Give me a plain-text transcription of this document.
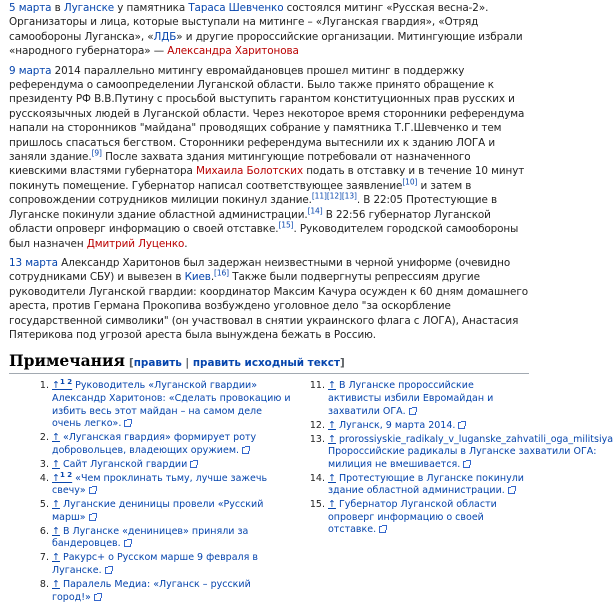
5 марта в Луганске у памятника Тараса Шевченко состоялся митинг «Русская весна-2». Организаторы и лица, которые выступали на митинге – «Луганская гвардия», «Отряд самообороны Луганска», «ЛДБ» и другие пророссийские организации. Митингующие избрали «народного губернатора» — Александра Харитонова

9 марта 2014 параллельно митингу евромайдановцев прошел митинг в поддержку референдума о самоопределении Луганской области. Было также принято обращение к президенту РФ В.В.Путину с просьбой выступить гарантом конституционных прав русских и русскоязычных людей в Луганской области. Через некоторое время сторонники референдума напали на сторонников "майдана" проводящих собрание у памятника Т.Г.Шевченко и тем пришлось спасаться бегством. Сторонники референдума вытеснили их к зданию ЛОГА и заняли здание.[9] После захвата здания митингующие потребовали от назначенного киевскими властями губернатора Михаила Болотских подать в отставку и в течение 10 минут покинуть помещение. Губернатор написал соответствующее заявление[10] и затем в сопровождении сотрудников милиции покинул здание.[11][12][13]. В 22:05 Протестующие в Луганске покинули здание областной администрации.[14] В 22:56 губернатор Луганской области опроверг информацию о своей отставке.[15]. Руководителем городской самообороны был назначен Дмитрий Луценко.

13 марта Александр Харитонов был задержан неизвестными в черной униформе (очевидно сотрудниками СБУ) и вывезен в Киев.[16] Также были подвергнуты репрессиям другие руководители Луганской гвардии: координатор Максим Качура осужден к 60 дням домашнего ареста, против Германа Прокопива возбуждено уголовное дело "за оскорбление государственной символики" (он участвовал в снятии украинского флага с ЛОГА), Анастасия Пятерикова под угрозой ареста была вынуждена бежать в Россию.

Примечания [править | править исходный текст]
1. ↑$^{1 2}$ Руководитель «Луганской гвардии» Александр Харитонов: «Сделать провокацию и избить весь этот майдан – на самом деле очень легко».
2. ↑ «Луганская гвардия» формирует роту добровольцев, владеющих оружием.
3. ↑ Сайт Луганской гвардии
4. ↑$^{1 2}$ «Чем проклинать тьму, лучше зажечь свечу»
5. ↑ Луганские дениницы провели «Русский марш»
6. ↑ В Луганске «дениницев» приняли за бандеровцев.
7. ↑ Ракурс+ о Русском марше 9 февраля в Луганске.
8. ↑ Паралель Медиа: «Луганск – русский город!»
11. ↑ В Луганске пророссийские активисты избили Евромайдан и захватили ОГА.
12. ↑ Луганск, 9 марта 2014.
13. ↑ prorossiyskie_radikaly_v_luganske_zahvatili_oga_militsiya Пророссийские радикалы в Луганске захватили ОГА: милиция не вмешивается.
14. ↑ Протестующие в Луганске покинули здание областной администрации.
15. ↑ Губернатор Луганской области опроверг информацию о своей отставке.
